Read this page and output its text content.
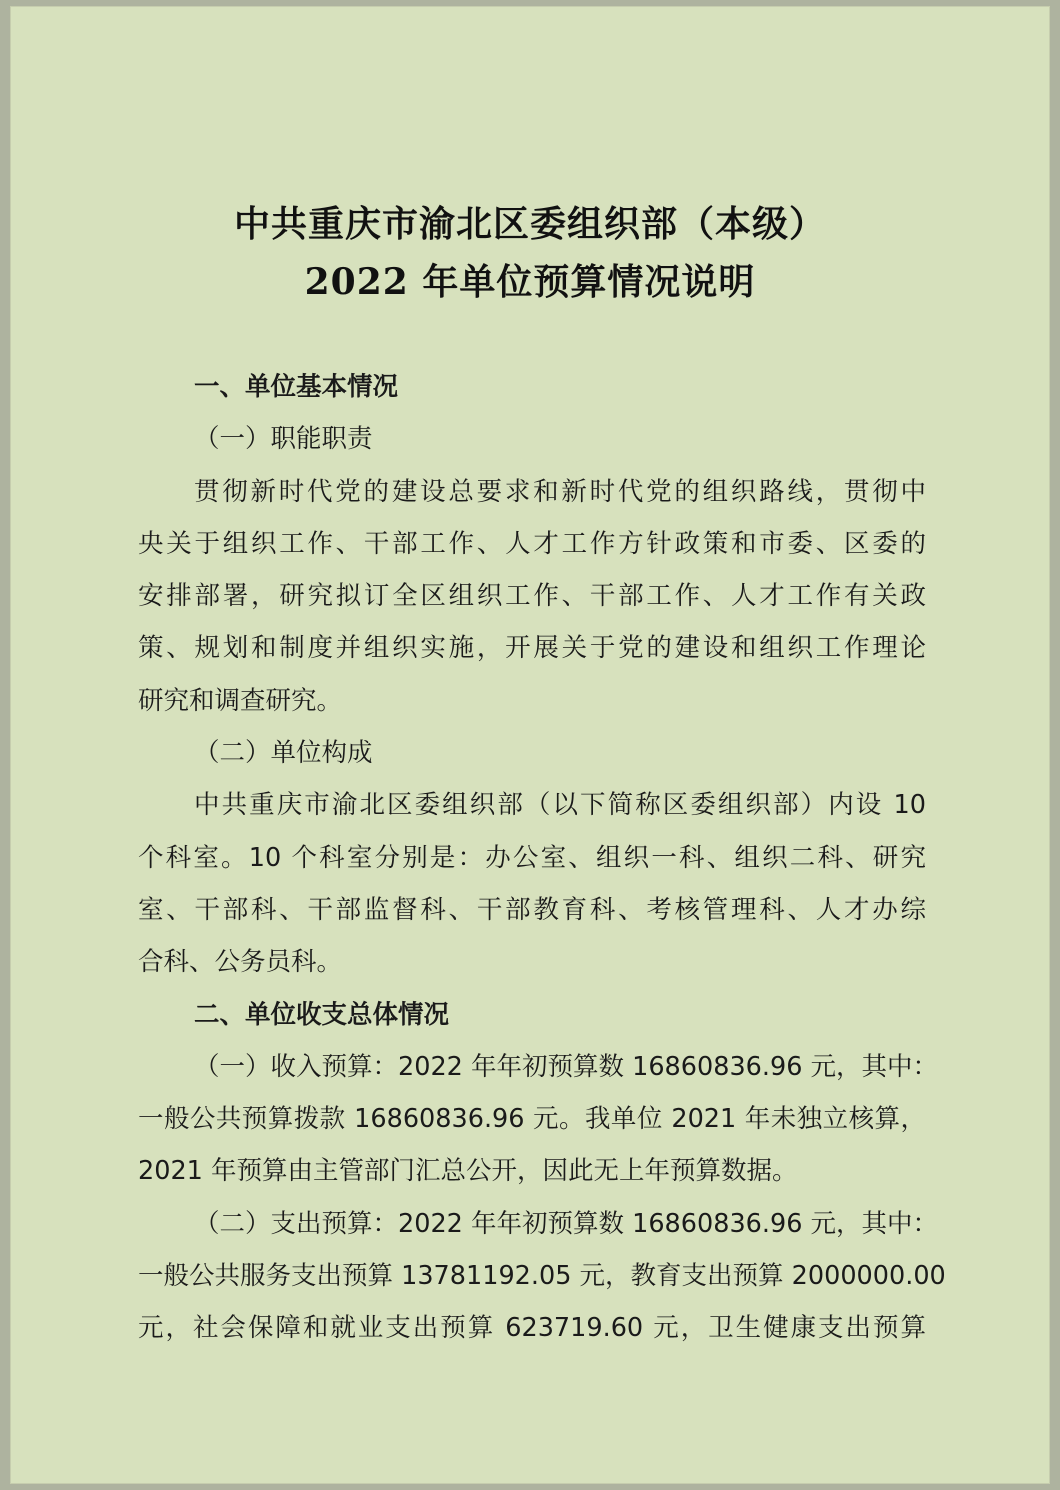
中共重庆市渝北区委组织部（本级）
2022 年单位预算情况说明
一、单位基本情况
（一）职能职责
贯彻新时代党的建设总要求和新时代党的组织路线，贯彻中
央关于组织工作、干部工作、人才工作方针政策和市委、区委的
安排部署，研究拟订全区组织工作、干部工作、人才工作有关政
策、规划和制度并组织实施，开展关于党的建设和组织工作理论
研究和调查研究。
（二）单位构成
中共重庆市渝北区委组织部（以下简称区委组织部）内设 10
个科室。10 个科室分别是：办公室、组织一科、组织二科、研究
室、干部科、干部监督科、干部教育科、考核管理科、人才办综
合科、公务员科。
二、单位收支总体情况
（一）收入预算：2022 年年初预算数 16860836.96 元，其中：
一般公共预算拨款 16860836.96 元。我单位 2021 年未独立核算，
2021 年预算由主管部门汇总公开，因此无上年预算数据。
（二）支出预算：2022 年年初预算数 16860836.96 元，其中：
一般公共服务支出预算 13781192.05 元，教育支出预算 2000000.00
元，社会保障和就业支出预算 623719.60 元，卫生健康支出预算
